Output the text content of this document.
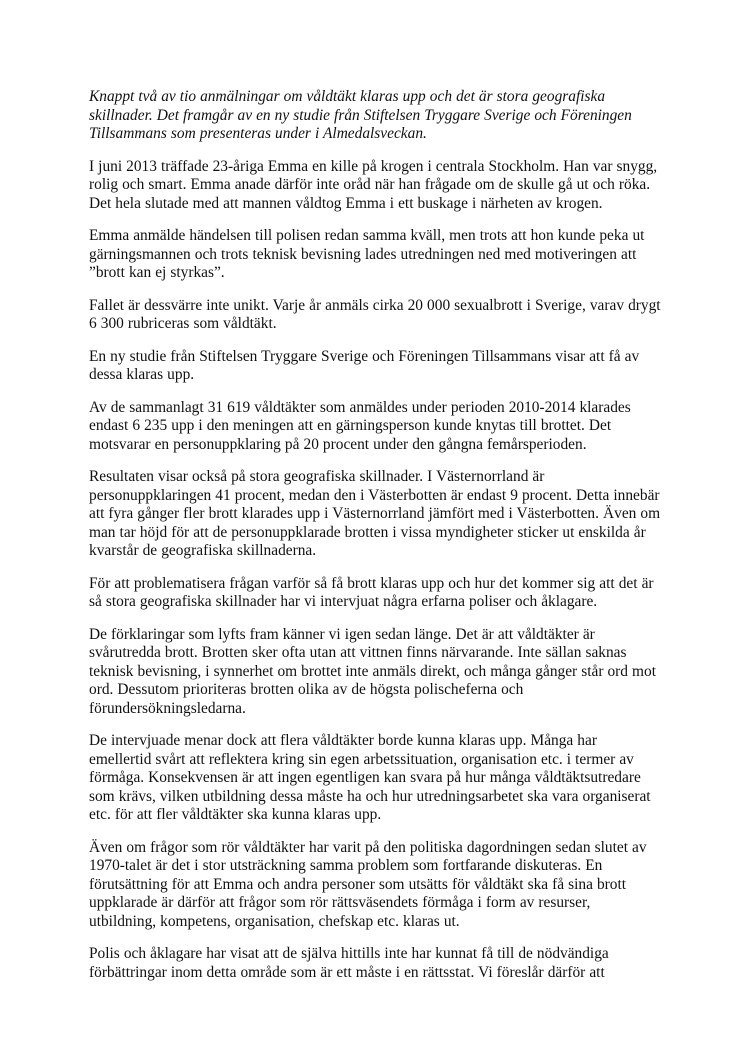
Knappt två av tio anmälningar om våldtäkt klaras upp och det är stora geografiska skillnader. Det framgår av en ny studie från Stiftelsen Tryggare Sverige och Föreningen Tillsammans som presenteras under i Almedalsveckan.

I juni 2013 träffade 23-åriga Emma en kille på krogen i centrala Stockholm. Han var snygg, rolig och smart. Emma anade därför inte oråd när han frågade om de skulle gå ut och röka. Det hela slutade med att mannen våldtog Emma i ett buskage i närheten av krogen.

Emma anmälde händelsen till polisen redan samma kväll, men trots att hon kunde peka ut gärningsmannen och trots teknisk bevisning lades utredningen ned med motiveringen att ”brott kan ej styrkas”.

Fallet är dessvärre inte unikt. Varje år anmäls cirka 20 000 sexualbrott i Sverige, varav drygt 6 300 rubriceras som våldtäkt.

En ny studie från Stiftelsen Tryggare Sverige och Föreningen Tillsammans visar att få av dessa klaras upp.

Av de sammanlagt 31 619 våldtäkter som anmäldes under perioden 2010-2014 klarades endast 6 235 upp i den meningen att en gärningsperson kunde knytas till brottet. Det motsvarar en personuppklaring på 20 procent under den gångna femårsperioden.

Resultaten visar också på stora geografiska skillnader. I Västernorrland är personuppklaringen 41 procent, medan den i Västerbotten är endast 9 procent. Detta innebär att fyra gånger fler brott klarades upp i Västernorrland jämfört med i Västerbotten. Även om man tar höjd för att de personuppklarade brotten i vissa myndigheter sticker ut enskilda år kvarstår de geografiska skillnaderna.

För att problematisera frågan varför så få brott klaras upp och hur det kommer sig att det är så stora geografiska skillnader har vi intervjuat några erfarna poliser och åklagare.

De förklaringar som lyfts fram känner vi igen sedan länge. Det är att våldtäkter är svårutredda brott. Brotten sker ofta utan att vittnen finns närvarande. Inte sällan saknas teknisk bevisning, i synnerhet om brottet inte anmäls direkt, och många gånger står ord mot ord. Dessutom prioriteras brotten olika av de högsta polischeferna och förundersökningsledarna.

De intervjuade menar dock att flera våldtäkter borde kunna klaras upp. Många har emellertid svårt att reflektera kring sin egen arbetssituation, organisation etc. i termer av förmåga. Konsekvensen är att ingen egentligen kan svara på hur många våldtäktsutredare som krävs, vilken utbildning dessa måste ha och hur utredningsarbetet ska vara organiserat etc. för att fler våldtäkter ska kunna klaras upp.

Även om frågor som rör våldtäkter har varit på den politiska dagordningen sedan slutet av 1970-talet är det i stor utsträckning samma problem som fortfarande diskuteras. En förutsättning för att Emma och andra personer som utsätts för våldtäkt ska få sina brott uppklarade är därför att frågor som rör rättsväsendets förmåga i form av resurser, utbildning, kompetens, organisation, chefskap etc. klaras ut.

Polis och åklagare har visat att de själva hittills inte har kunnat få till de nödvändiga förbättringar inom detta område som är ett måste i en rättsstat. Vi föreslår därför att
